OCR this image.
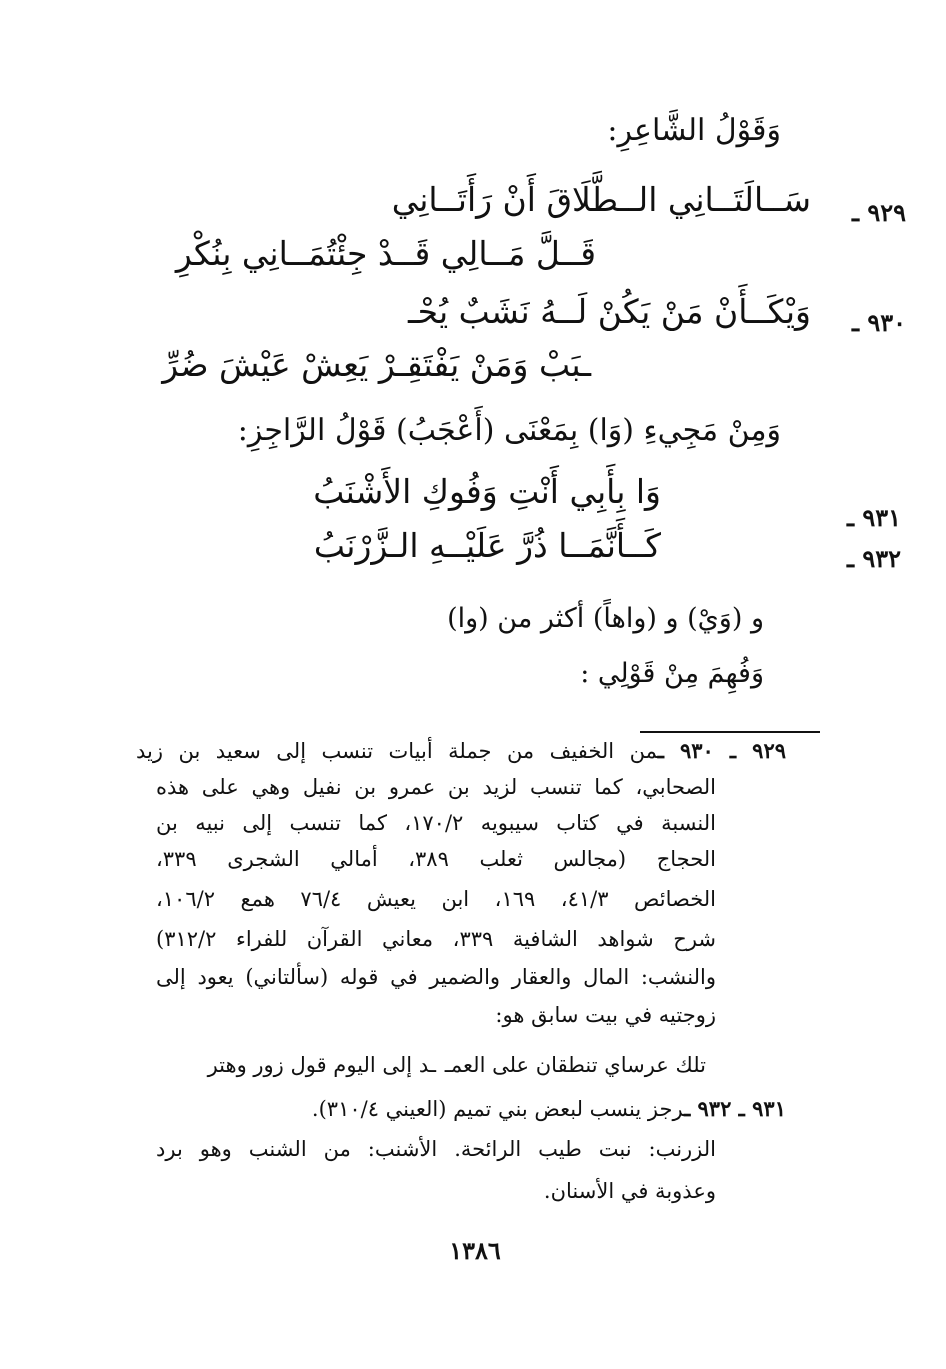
وَقَوْلُ الشَّاعِرِ:
٩٢٩ ـ
سَــالَتَــانِي الــطَّلَاقَ أَنْ رَأَتَــانِي
قَــلَّ مَــالِي قَــدْ جِئْتُمَــانِي بِنُكْرِ
٩٣٠ ـ
وَيْكَــأَنْ مَنْ يَكُنْ لَــهُ نَشَبٌ يُحْـ
ـبَبْ وَمَنْ يَفْتَقِـرْ يَعِشْ عَيْشَ ضُرِّ
وَمِنْ مَجِيءِ (وَا) بِمَعْنَى (أَعْجَبُ) قَوْلُ الرَّاجِزِ:
٩٣١ ـ
وَا بِأَبِي أَنْتِ وَفُوكِ الأَشْنَبُ
٩٣٢ ـ
كَــأَنَّمَــا ذُرَّ عَلَيْــهِ الـزَّرْنَبُ
و (وَيْ) و (واهاً) أكثر من (وا)
وَفُهِمَ مِنْ قَوْلِي :
٩٢٩ ـ ٩٣٠ ـمن الخفيف من جملة أبيات تنسب إلى سعيد بن زيد
الصحابي، كما تنسب لزيد بن عمرو بن نفيل وهي على هذه
النسبة في كتاب سيبويه ١٧٠/٢، كما تنسب إلى نبيه بن
الحجاج (مجالس ثعلب ٣٨٩، أمالي الشجرى ٣٣٩،
الخصائص ٤١/٣، ١٦٩، ابن يعيش ٧٦/٤ همع ١٠٦/٢،
شرح شواهد الشافية ٣٣٩، معاني القرآن للفراء ٣١٢/٢)
والنشب: المال والعقار والضمير في قوله (سألتاني) يعود إلى
زوجتيه في بيت سابق هو:
تلك عرساي تنطقان على العمـ
ـد إلى اليوم قول زور وهتر
٩٣١ ـ ٩٣٢ ـرجز ينسب لبعض بني تميم (العيني ٣١٠/٤).
الزرنب: نبت طيب الرائحة. الأشنب: من الشنب وهو برد
وعذوبة في الأسنان.
١٣٨٦
